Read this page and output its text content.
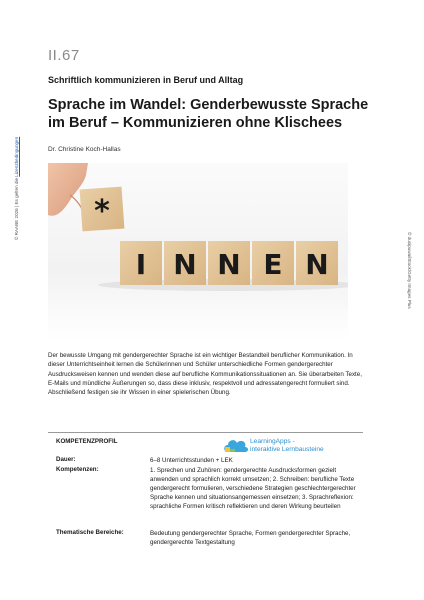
II.67
Schriftlich kommunizieren in Beruf und Alltag
Sprache im Wandel: Genderbewusste Sprache
im Beruf – Kommunizieren ohne Klischees
Dr. Christine Koch-Hallas
© RAABE 2026 | Es gelten die Lizenzbedingungen
© dusipuwa/iStock/Getty Images Plus
*
I N N E N
Der bewusste Umgang mit gendergerechter Sprache ist ein wichtiger Bestandteil beruflicher Kommunikation. In dieser Unterrichtseinheit lernen die Schülerinnen und Schüler unterschiedliche Formen gendergerechter Ausdrucksweisen kennen und wenden diese auf berufliche Kommunikationssituationen an. Sie überarbeiten Texte, E-Mails und mündliche Äußerungen so, dass diese inklusiv, respektvoll und adressatengerecht formuliert sind. Abschließend festigen sie ihr Wissen in einer spielerischen Übung.
KOMPETENZPROFIL	LearningApps -
interaktive Lernbausteine
Dauer:	6–8 Unterrichtsstunden + LEK
Kompetenzen:	1. Sprechen und Zuhören: gendergerechte Ausdrucksformen gezielt anwenden und sprachlich korrekt umsetzen; 2. Schreiben: berufliche Texte gendergerecht formulieren, verschiedene Strategien geschlechtergerechter Sprache kennen und situationsangemessen einsetzen; 3. Sprachreflexion: sprachliche Formen kritisch reflektieren und deren Wirkung beurteilen
Thematische Bereiche:	Bedeutung gendergerechter Sprache, Formen gendergerechter Sprache, gendergerechte Textgestaltung
